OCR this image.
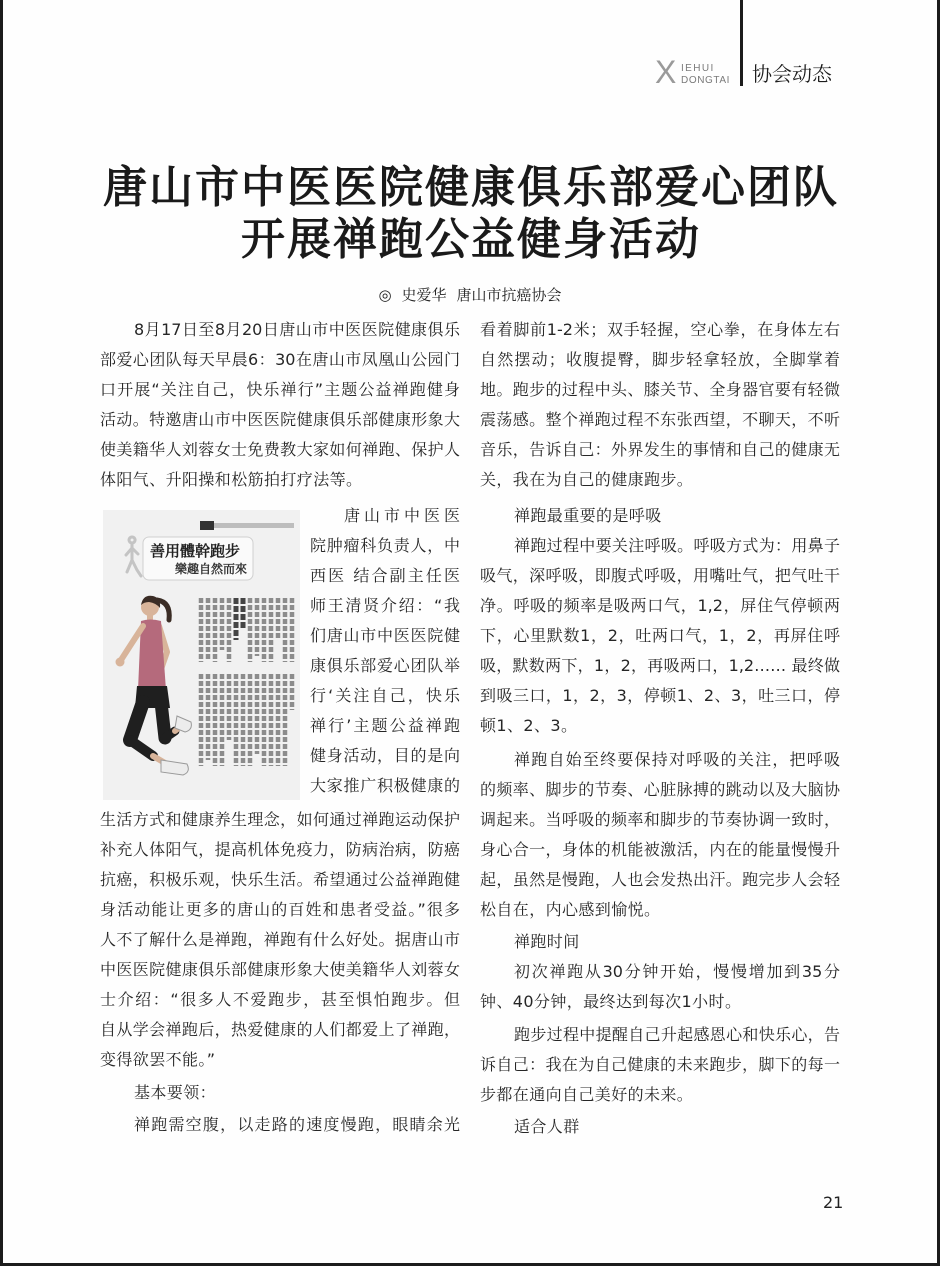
X IEHUI
DONGTAI 协会动态
唐山市中医医院健康俱乐部爱心团队
开展禅跑公益健身活动
◎ 史爱华 唐山市抗癌协会
8月17日至8月20日唐山市中医医院健康俱乐
部爱心团队每天早晨6：30在唐山市凤凰山公园门
口开展“关注自己，快乐禅行”主题公益禅跑健身
活动。特邀唐山市中医医院健康俱乐部健康形象大
使美籍华人刘蓉女士免费教大家如何禅跑、保护人
体阳气、升阳操和松筋拍打疗法等。
善用體幹跑步
樂趣自然而來
唐山市中医医
院肿瘤科负责人，中
西医 结合副主任医
师王清贤介绍：“我
们唐山市中医医院健
康俱乐部爱心团队举
行‘关注自己，快乐
禅行’主题公益禅跑
健身活动，目的是向
大家推广积极健康的
生活方式和健康养生理念，如何通过禅跑运动保护
补充人体阳气，提高机体免疫力，防病治病，防癌
抗癌，积极乐观，快乐生活。希望通过公益禅跑健
身活动能让更多的唐山的百姓和患者受益。”很多
人不了解什么是禅跑，禅跑有什么好处。据唐山市
中医医院健康俱乐部健康形象大使美籍华人刘蓉女
士介绍：“很多人不爱跑步，甚至惧怕跑步。但
自从学会禅跑后，热爱健康的人们都爱上了禅跑，
变得欲罢不能。”
基本要领：
禅跑需空腹，以走路的速度慢跑，眼睛余光
看着脚前1-2米；双手轻握，空心拳，在身体左右
自然摆动；收腹提臀，脚步轻拿轻放，全脚掌着
地。跑步的过程中头、膝关节、全身器官要有轻微
震荡感。整个禅跑过程不东张西望，不聊天，不听
音乐，告诉自己：外界发生的事情和自己的健康无
关，我在为自己的健康跑步。
禅跑最重要的是呼吸
禅跑过程中要关注呼吸。呼吸方式为：用鼻子
吸气，深呼吸，即腹式呼吸，用嘴吐气，把气吐干
净。呼吸的频率是吸两口气，1,2，屏住气停顿两
下，心里默数1，2，吐两口气，1，2，再屏住呼
吸，默数两下，1，2，再吸两口，1,2…… 最终做
到吸三口，1，2，3，停顿1、2、3，吐三口，停
顿1、2、3。
禅跑自始至终要保持对呼吸的关注，把呼吸
的频率、脚步的节奏、心脏脉搏的跳动以及大脑协
调起来。当呼吸的频率和脚步的节奏协调一致时，
身心合一，身体的机能被激活，内在的能量慢慢升
起，虽然是慢跑，人也会发热出汗。跑完步人会轻
松自在，内心感到愉悦。
禅跑时间
初次禅跑从30分钟开始，慢慢增加到35分
钟、40分钟，最终达到每次1小时。
跑步过程中提醒自己升起感恩心和快乐心，告
诉自己：我在为自己健康的未来跑步，脚下的每一
步都在通向自己美好的未来。
适合人群
21
